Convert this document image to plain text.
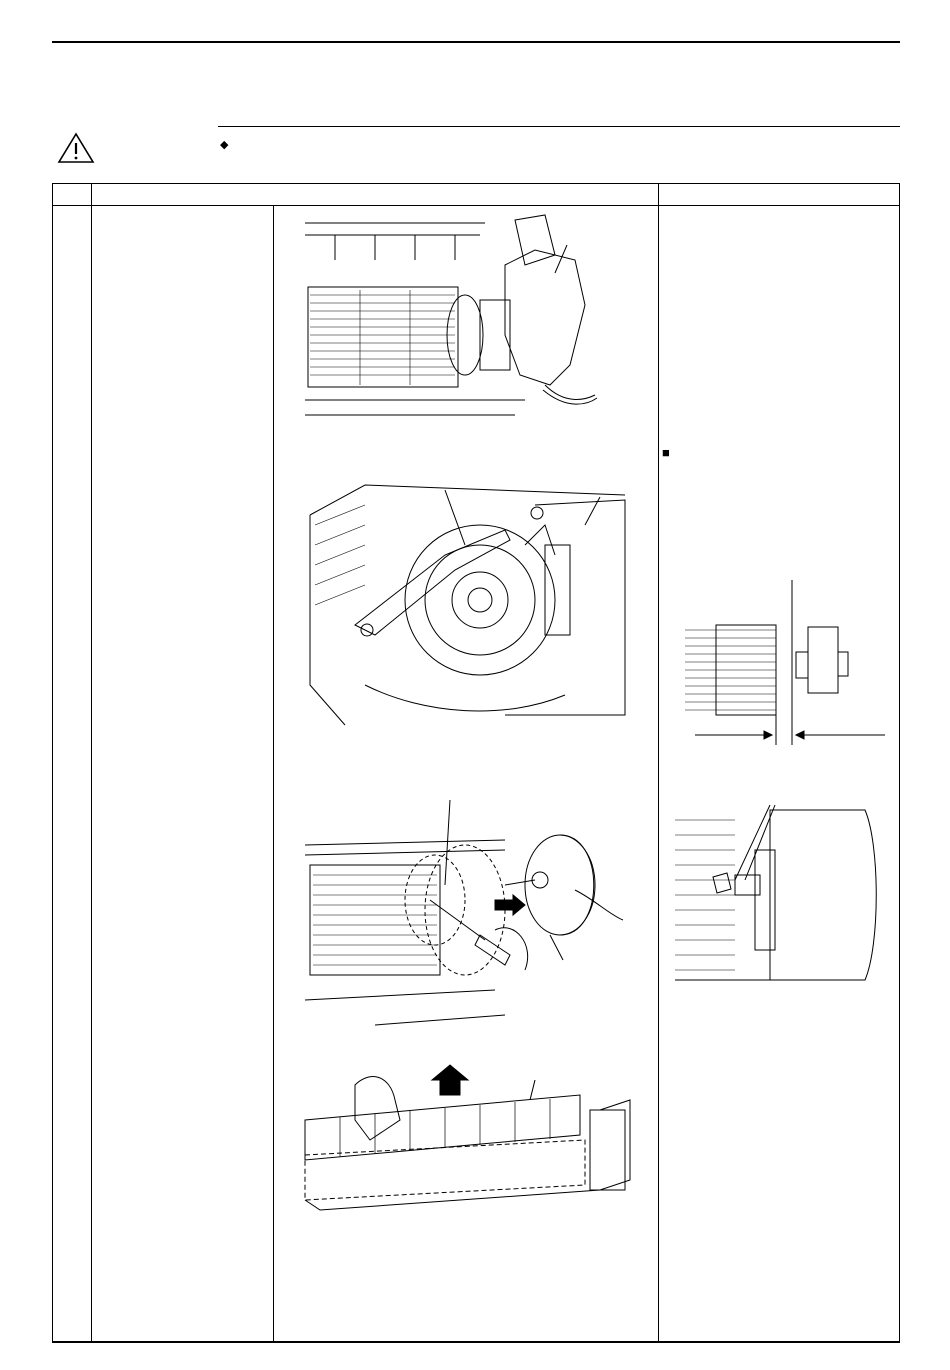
◆
■
